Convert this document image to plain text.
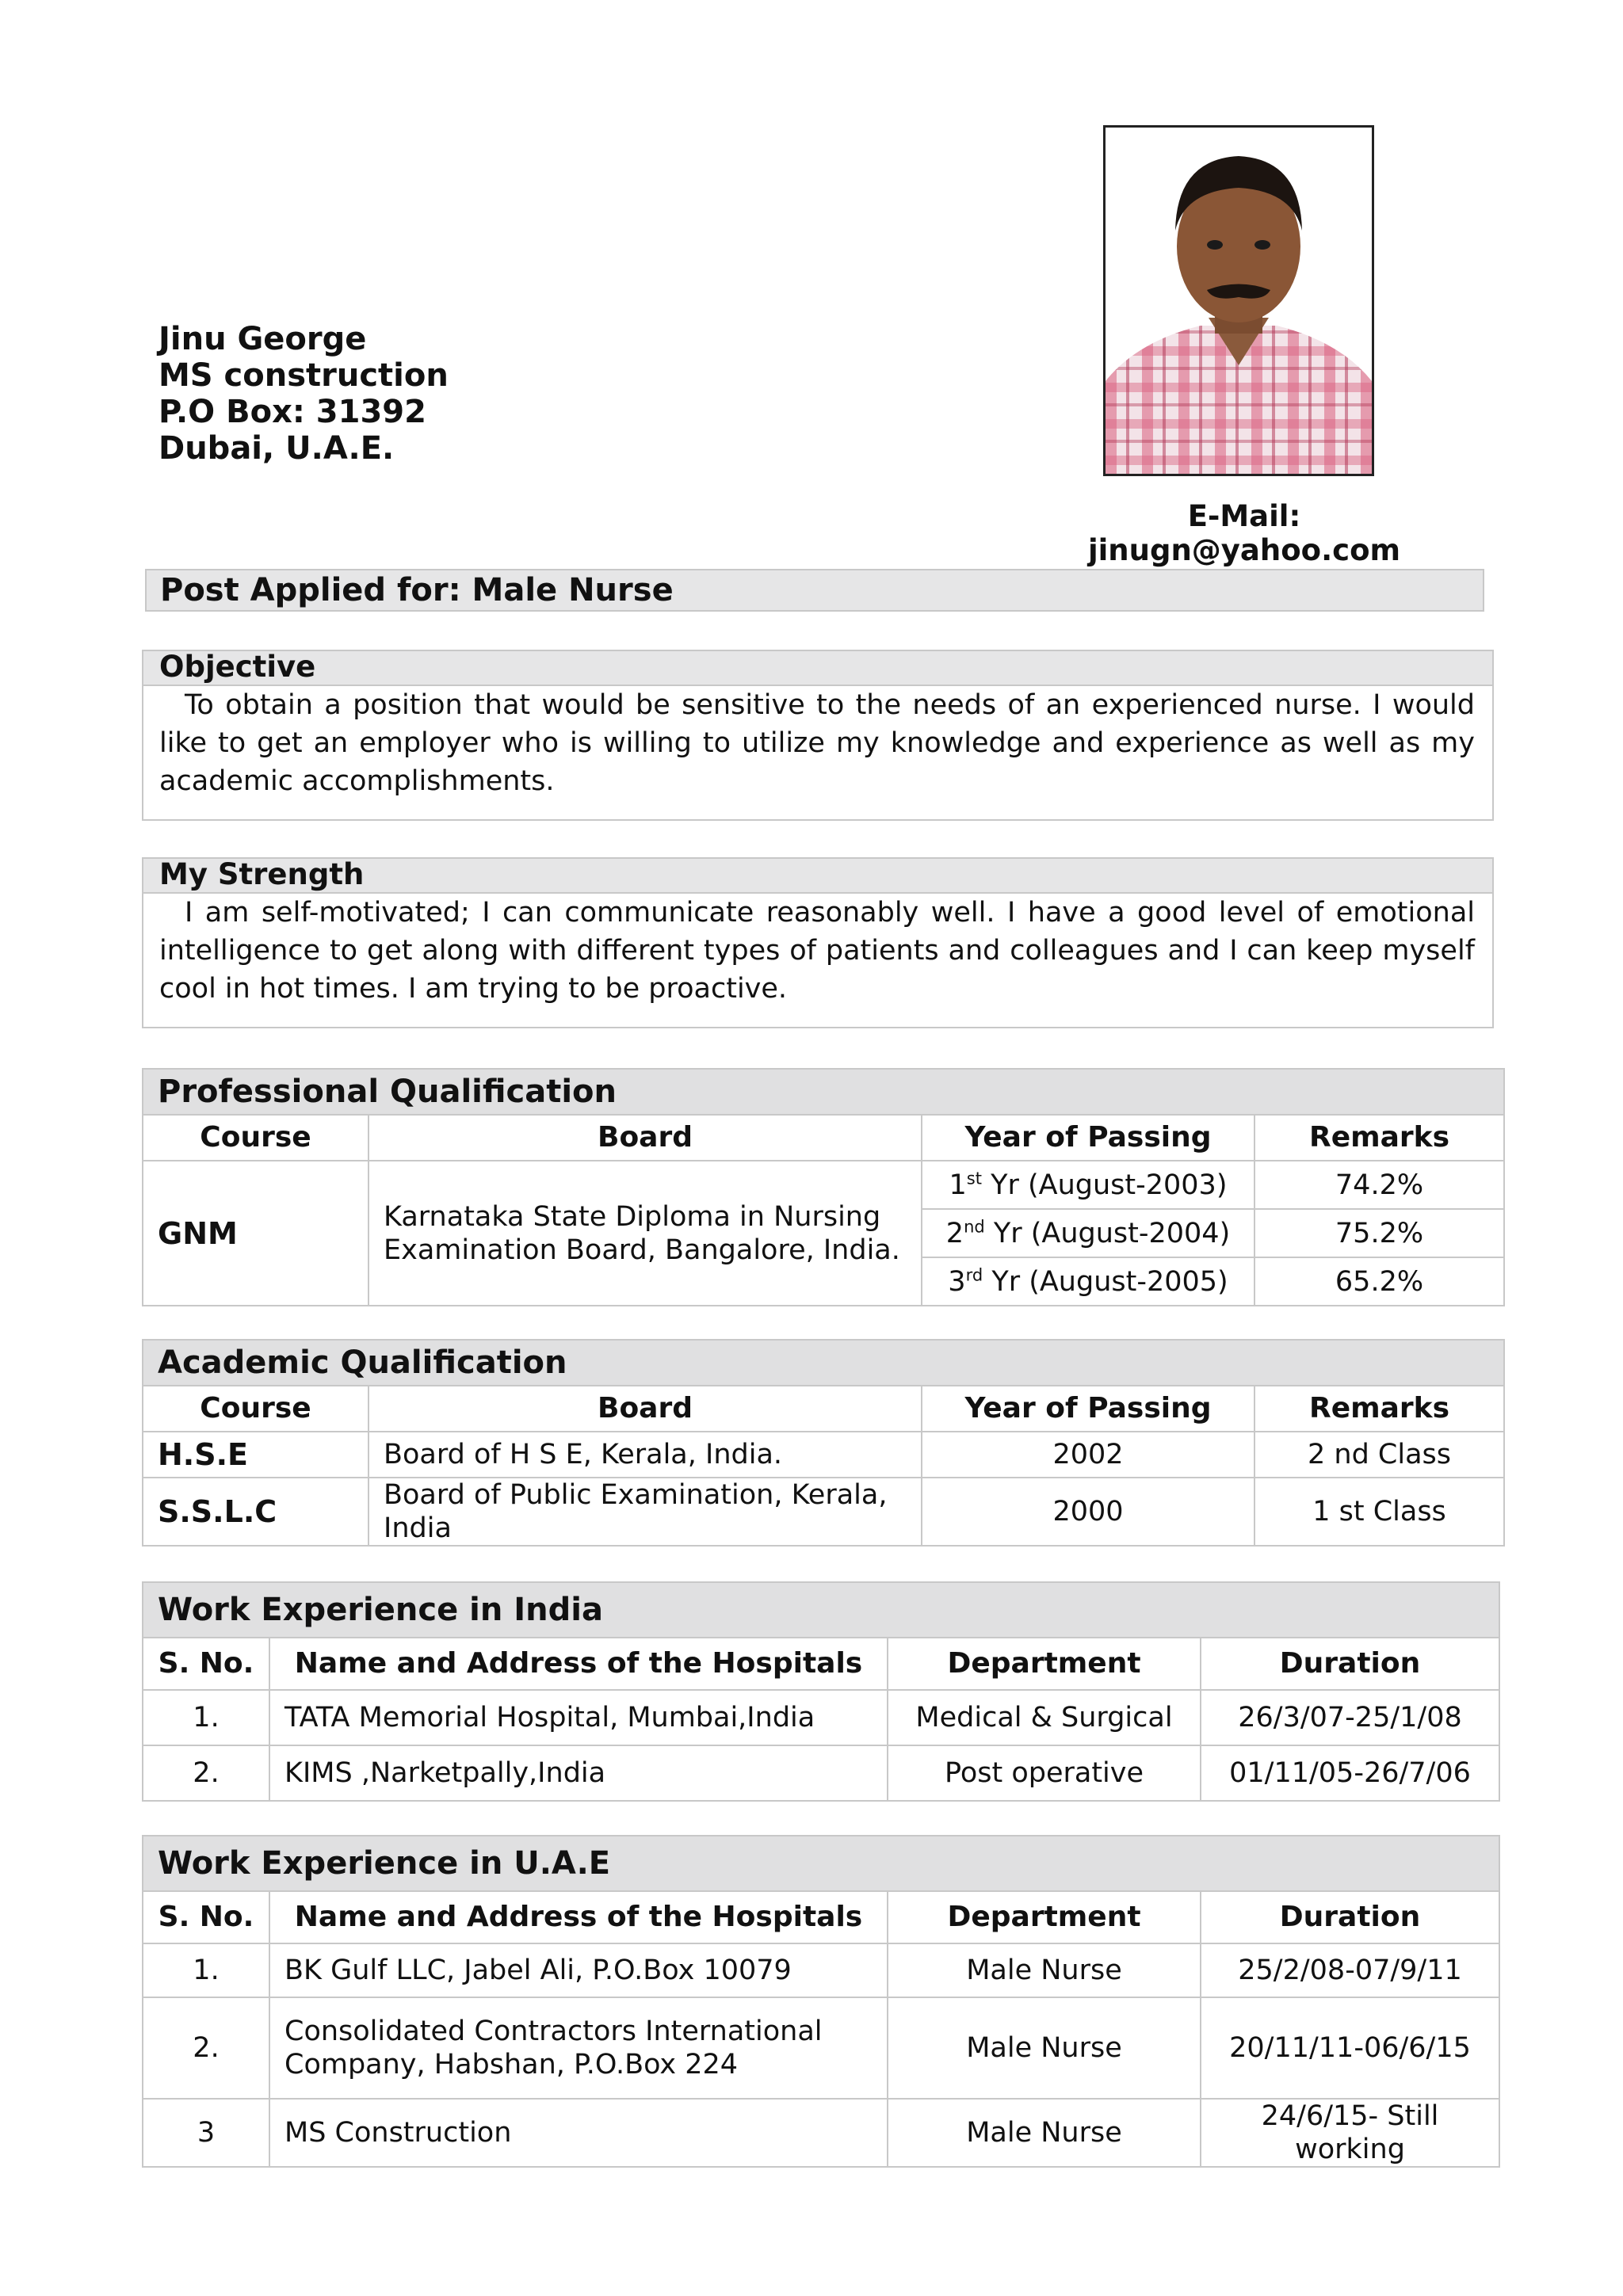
Jinu George
MS construction
P.O Box: 31392
Dubai, U.A.E.
E-Mail: jinugn@yahoo.com
Post Applied for: Male Nurse
Objective
To obtain a position that would be sensitive to the needs of an experienced nurse. I would like to get an employer who is willing to utilize my knowledge and experience as well as my academic accomplishments.
My Strength
I am self-motivated; I can communicate reasonably well. I have a good level of emotional intelligence to get along with different types of patients and colleagues and I can keep myself cool in hot times. I am trying to be proactive.
Professional Qualification			
Course	Board	Year of Passing	Remarks
GNM	Karnataka State Diploma in Nursing Examination Board, Bangalore, India.	1st Yr (August-2003)	74.2%
		2nd Yr (August-2004)	75.2%
		3rd Yr (August-2005)	65.2%
Academic Qualification			
Course	Board	Year of Passing	Remarks
H.S.E	Board of H S E, Kerala, India.	2002	2 nd Class
S.S.L.C	Board of Public Examination, Kerala, India	2000	1 st Class
Work Experience in India			
S. No.	Name and Address of the Hospitals	Department	Duration
1.	TATA Memorial Hospital, Mumbai,India	Medical & Surgical	26/3/07-25/1/08
2.	KIMS ,Narketpally,India	Post operative	01/11/05-26/7/06
Work Experience in U.A.E			
S. No.	Name and Address of the Hospitals	Department	Duration
1.	BK Gulf LLC, Jabel Ali, P.O.Box 10079	Male Nurse	25/2/08-07/9/11
2.	Consolidated Contractors International Company, Habshan, P.O.Box 224	Male Nurse	20/11/11-06/6/15
3	MS Construction	Male Nurse	24/6/15- Still working
